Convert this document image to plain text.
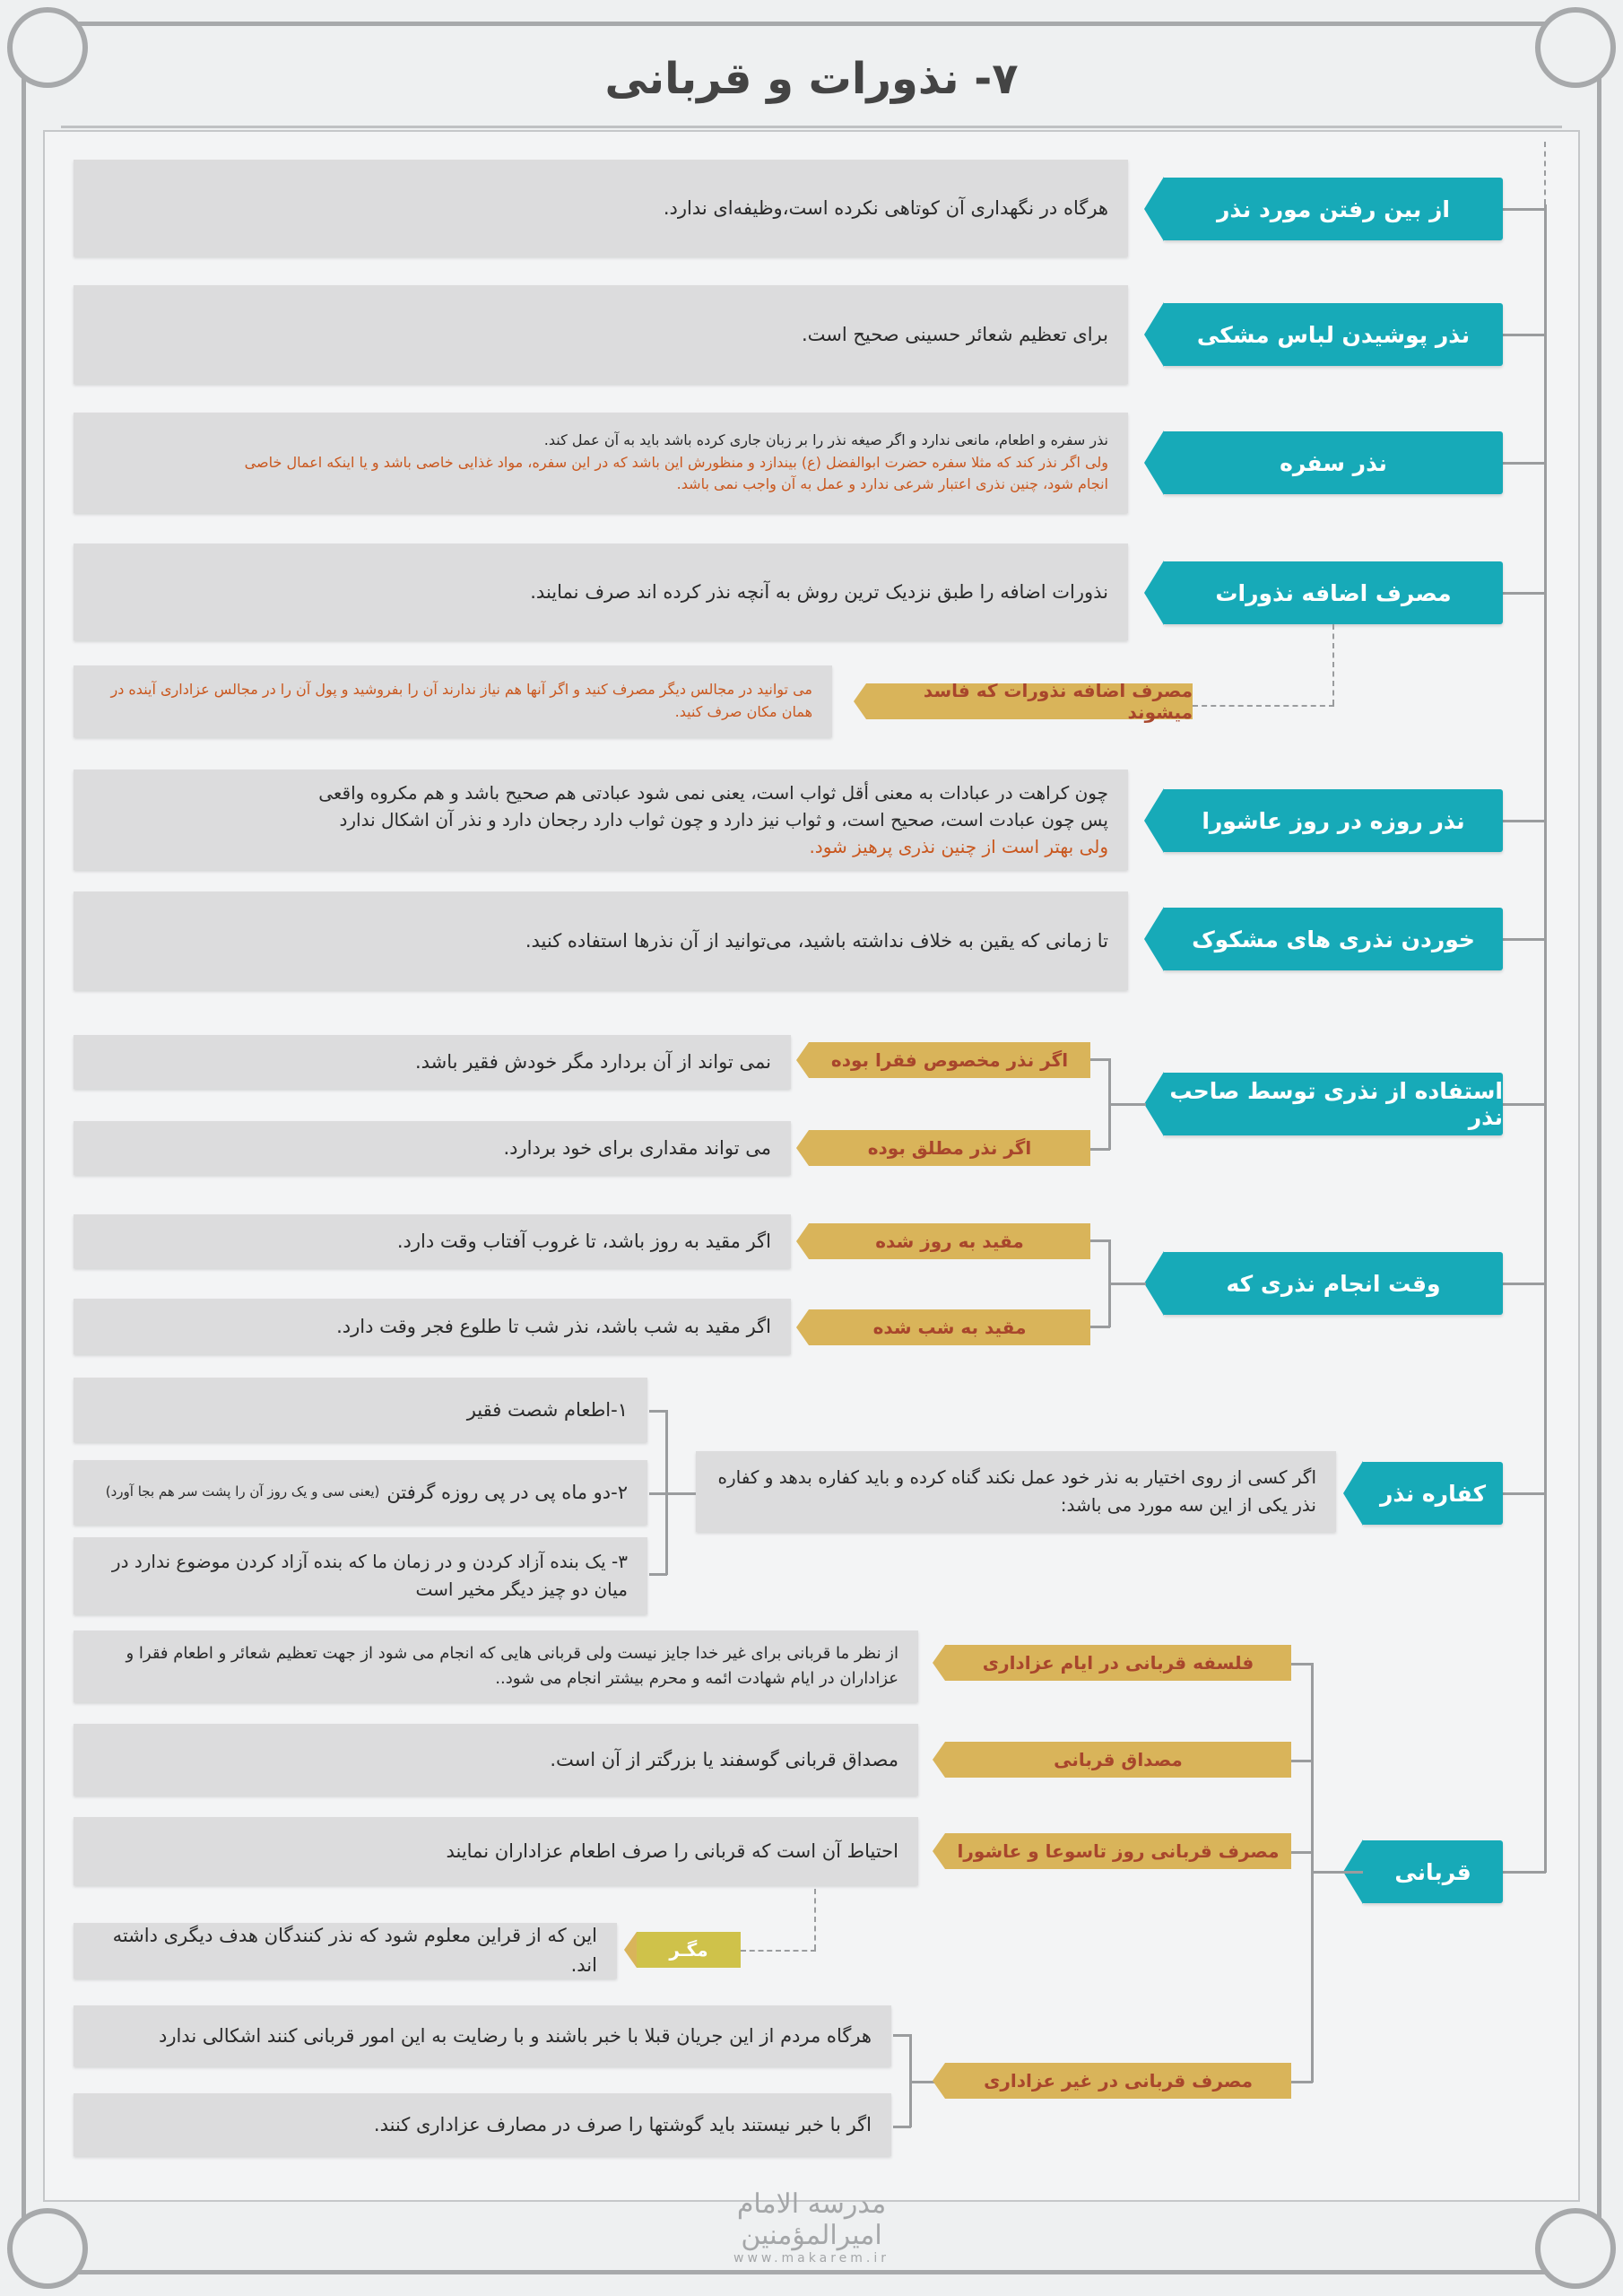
۷- نذورات و قربانی
از بین رفتن مورد نذر
هرگاه در نگهداری آن کوتاهی نکرده است،وظیفه‌ای ندارد.
نذر پوشیدن لباس مشکی
برای تعظیم شعائر حسینی صحیح است.
نذر سفره
نذر سفره و اطعام، مانعی ندارد و اگر صیغه نذر را بر زبان جاری کرده باشد باید به آن عمل کند.
ولی اگر نذر کند که مثلا سفره حضرت ابوالفضل (ع) بیندازد و منظورش این باشد که در این سفره، مواد غذایی خاصی باشد و یا اینکه اعمال خاصی
انجام شود، چنین نذری اعتبار شرعی ندارد و عمل به آن واجب نمی باشد.
مصرف اضافه نذورات
نذورات اضافه را طبق نزدیک ترین روش به آنچه نذر کرده اند صرف نمایند.
مصرف اضافه نذورات که فاسد میشوند
می توانید در مجالس دیگر مصرف کنید و اگر آنها هم نیاز ندارند آن را بفروشید و پول آن را در مجالس عزاداری آینده در همان مکان صرف کنید.
نذر روزه در روز عاشورا
چون کراهت در عبادات به معنی أقل ثواب است، یعنی نمی شود عبادتی هم صحیح باشد و هم مکروه واقعی
پس چون عبادت است، صحیح است، و ثواب نیز دارد و چون ثواب دارد رجحان دارد و نذر آن اشکال ندارد
ولی بهتر است از چنین نذری پرهیز شود.
خوردن نذری های مشکوک
تا زمانی که یقین به خلاف نداشته باشید، می‌توانید از آن نذرها استفاده کنید.
استفاده از نذری توسط صاحب نذر
اگر نذر مخصوص فقرا بوده
نمی تواند از آن بردارد مگر خودش فقیر باشد.
اگر نذر مطلق بوده
می تواند مقداری برای خود بردارد.
وقت انجام نذری که
مقید به روز شده
اگر مقید به روز باشد، تا غروب آفتاب وقت دارد.
مقید به شب شده
اگر مقید به شب باشد، نذر شب تا طلوع فجر وقت دارد.
کفاره نذر
اگر کسی از روی اختیار به نذر خود عمل نکند گناه کرده و باید کفاره بدهد و کفاره نذر یکی از این سه مورد می باشد:
۱-اطعام شصت فقیر
۲-دو ماه پی در پی روزه گرفتن
(یعنی سی و یک روز آن را پشت سر هم بجا آورد)
۳- یک بنده آزاد کردن و در زمان ما که بنده آزاد کردن موضوع ندارد در میان دو چیز دیگر مخیر است
قربانی
فلسفه قربانی در ایام عزاداری
از نظر ما قربانی برای غیر خدا جایز نیست ولی قربانی هایی که انجام می شود از جهت تعظیم شعائر و اطعام فقرا و عزاداران در ایام شهادت ائمه و محرم بیشتر انجام می شود..
مصداق قربانی
مصداق قربانی گوسفند یا بزرگتر از آن است.
مصرف قربانی روز تاسوعا و عاشورا
احتیاط آن است که قربانی را صرف اطعام عزاداران نمایند
مگـر
این که از قراین معلوم شود که نذر کنندگان هدف دیگری داشته اند.
مصرف قربانی در غیر عزاداری
هرگاه مردم از این جریان قبلا با خبر باشند و با رضایت به این امور قربانی کنند اشکالی ندارد
اگر با خبر نیستند باید گوشتها را صرف در مصارف عزاداری کنند.
مدرسه الامام امیرالمؤمنین
www.makarem.ir
